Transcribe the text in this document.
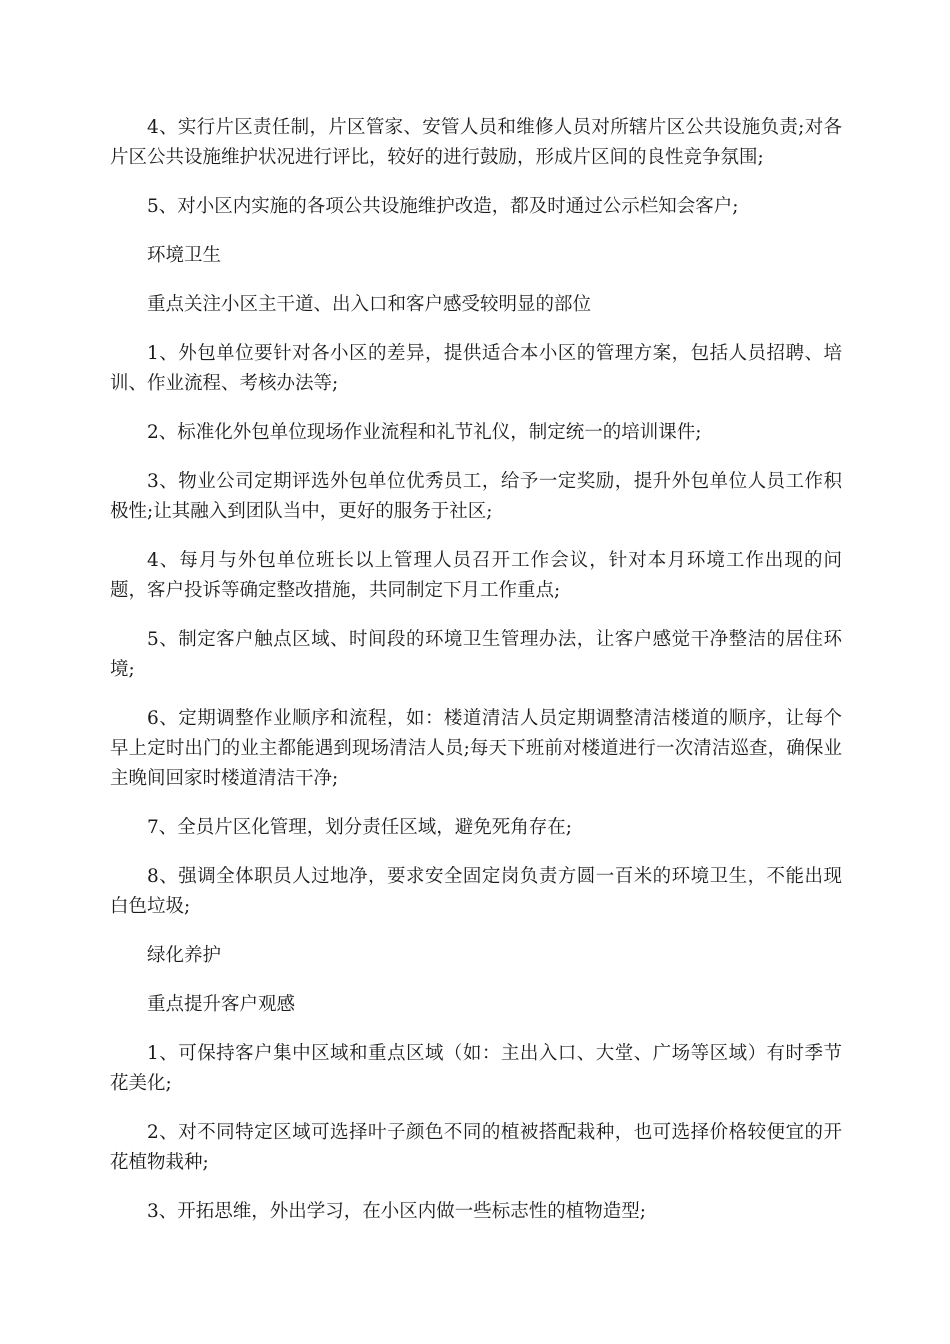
4、实行片区责任制，片区管家、安管人员和维修人员对所辖片区公共设施负责;对各片区公共设施维护状况进行评比，较好的进行鼓励，形成片区间的良性竞争氛围;

5、对小区内实施的各项公共设施维护改造，都及时通过公示栏知会客户;

环境卫生

重点关注小区主干道、出入口和客户感受较明显的部位

1、外包单位要针对各小区的差异，提供适合本小区的管理方案，包括人员招聘、培训、作业流程、考核办法等;

2、标准化外包单位现场作业流程和礼节礼仪，制定统一的培训课件;

3、物业公司定期评选外包单位优秀员工，给予一定奖励，提升外包单位人员工作积极性;让其融入到团队当中，更好的服务于社区;

4、每月与外包单位班长以上管理人员召开工作会议，针对本月环境工作出现的问题，客户投诉等确定整改措施，共同制定下月工作重点;

5、制定客户触点区域、时间段的环境卫生管理办法，让客户感觉干净整洁的居住环境;

6、定期调整作业顺序和流程，如：楼道清洁人员定期调整清洁楼道的顺序，让每个早上定时出门的业主都能遇到现场清洁人员;每天下班前对楼道进行一次清洁巡查，确保业主晚间回家时楼道清洁干净;

7、全员片区化管理，划分责任区域，避免死角存在;

8、强调全体职员人过地净，要求安全固定岗负责方圆一百米的环境卫生，不能出现白色垃圾;

绿化养护

重点提升客户观感

1、可保持客户集中区域和重点区域（如：主出入口、大堂、广场等区域）有时季节花美化;

2、对不同特定区域可选择叶子颜色不同的植被搭配栽种，也可选择价格较便宜的开花植物栽种;

3、开拓思维，外出学习，在小区内做一些标志性的植物造型;
